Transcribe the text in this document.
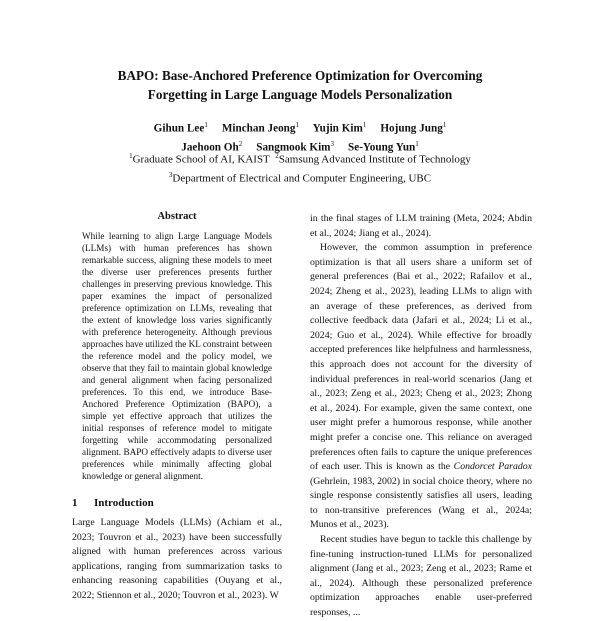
BAPO: Base-Anchored Preference Optimization for Overcoming
Forgetting in Large Language Models Personalization
Gihun Lee$^1$ Minchan Jeong$^1$ Yujin Kim$^1$ Hojung Jung$^1$
Jaehoon Oh$^2$ Sangmook Kim$^3$ Se-Young Yun$^1$
$^1$Graduate School of AI, KAIST $^2$Samsung Advanced Institute of Technology
$^3$Department of Electrical and Computer Engineering, UBC
Abstract

While learning to align Large Language Models (LLMs) with human preferences has shown remarkable success, aligning these models to meet the diverse user preferences presents further challenges in preserving previous knowledge. This paper examines the impact of personalized preference optimization on LLMs, revealing that the extent of knowledge loss varies significantly with preference heterogeneity. Although previous approaches have utilized the KL constraint between the reference model and the policy model, we observe that they fail to maintain global knowledge and general alignment when facing personalized preferences. To this end, we introduce Base-Anchored Preference Optimization (BAPO), a simple yet effective approach that utilizes the initial responses of reference model to mitigate forgetting while accommodating personalized alignment. BAPO effectively adapts to diverse user preferences while minimally affecting global knowledge or general alignment.

1 Introduction

Large Language Models (LLMs) (Achiam et al., 2023; Touvron et al., 2023) have been successfully aligned with human preferences across various applications, ranging from summarization tasks to enhancing reasoning capabilities (Ouyang et al., 2022; Stiennon et al., 2020; Touvron et al., 2023). W

in the final stages of LLM training (Meta, 2024; Abdin et al., 2024; Jiang et al., 2024).

However, the common assumption in preference optimization is that all users share a uniform set of general preferences (Bai et al., 2022; Rafailov et al., 2024; Zheng et al., 2023), leading LLMs to align with an average of these preferences, as derived from collective feedback data (Jafari et al., 2024; Li et al., 2024; Guo et al., 2024). While effective for broadly accepted preferences like helpfulness and harmlessness, this approach does not account for the diversity of individual preferences in real-world scenarios (Jang et al., 2023; Zeng et al., 2023; Cheng et al., 2023; Zhong et al., 2024). For example, given the same context, one user might prefer a humorous response, while another might prefer a concise one. This reliance on averaged preferences often fails to capture the unique preferences of each user. This is known as the Condorcet Paradox (Gehrlein, 1983, 2002) in social choice theory, where no single response consistently satisfies all users, leading to non-transitive preferences (Wang et al., 2024a; Munos et al., 2023).

Recent studies have begun to tackle this challenge by fine-tuning instruction-tuned LLMs for personalized alignment (Jang et al., 2023; Zeng et al., 2023; Rame et al., 2024). Although these personalized preference optimization approaches enable user-preferred responses, ...
